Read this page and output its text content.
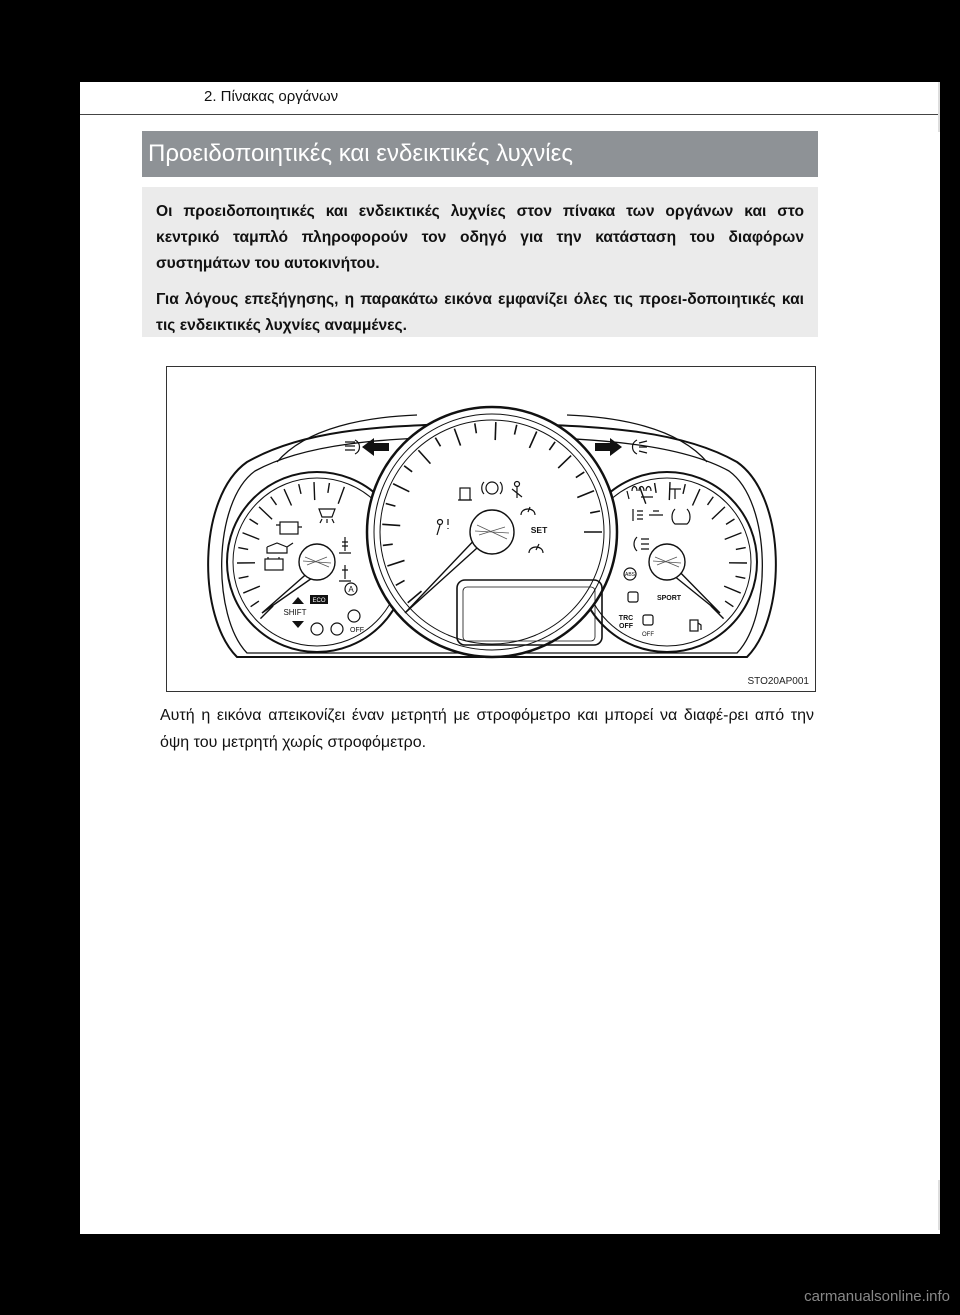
2. Πίνακας οργάνων
Προειδοποιητικές και ενδεικτικές λυχνίες

Οι προειδοποιητικές και ενδεικτικές λυχνίες στον πίνακα των οργάνων και στο κεντρικό ταμπλό πληροφορούν τον οδηγό για την κατάσταση του διαφόρων συστημάτων του αυτοκινήτου.

Για λόγους επεξήγησης, η παρακάτω εικόνα εμφανίζει όλες τις προει-δοποιητικές και τις ενδεικτικές λυχνίες αναμμένες.

ECO
SHIFT
A
OFF
SET
ABS
SPORT
TRC
OFF
OFF
STO20AP001
Αυτή η εικόνα απεικονίζει έναν μετρητή με στροφόμετρο και μπορεί να διαφέ-ρει από την όψη του μετρητή χωρίς στροφόμετρο.
carmanualsonline.info
